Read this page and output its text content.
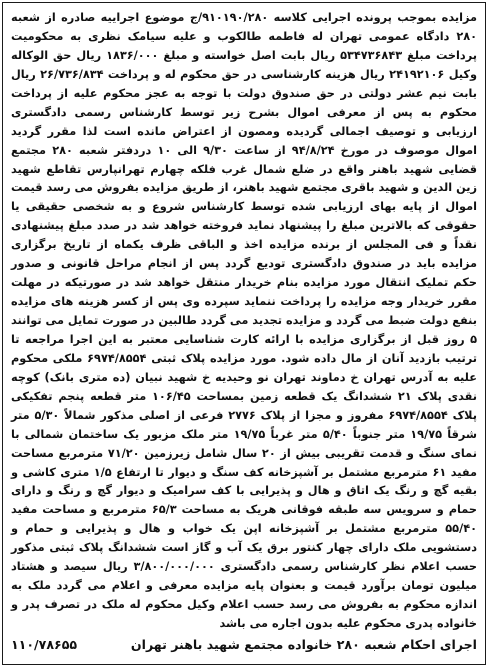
مزایده بموجب پرونده اجرایی کلاسه ۹۱۰۱۹۰/۲۸۰/ج موضوع اجراییه صادره از شعبه ۲۸۰ دادگاه عمومی تهران له فاطمه طالکوب و علیه سیامک نظری به محکومیت پرداخت مبلغ ۵۳۴۷۳۶۸۴۳ ریال بابت اصل خواسته و مبلغ ۱۸۳۶/۰۰۰ ریال حق الوکاله وکیل ۲۴۱۹۲۱۰۶ ریال هزینه کارشناسی در حق محکوم له و پرداخت ۲۶/۷۳۶/۸۳۴ ریال بابت نیم عشر دولتی در حق صندوق دولت با توجه به عجز محکوم علیه از پرداخت محکوم به پس از معرفی اموال بشرح زیر توسط کارشناس رسمی دادگستری ارزیابی و توصیف اجمالی گردیده ومصون از اعتراض مانده است لذا مقرر گردید اموال موصوف در مورخ ۹۴/۸/۲۴ از ساعت ۹/۳۰ الی ۱۰ دردفتر شعبه ۲۸۰ مجتمع قضایی شهید باهنر واقع در ضلع شمال غرب فلکه چهارم تهرانپارس تقاطع شهید زین الدین و شهید باقری مجتمع شهید باهنر، از طریق مزایده بفروش می رسد قیمت اموال از پایه بهای ارزیابی شده توسط کارشناس شروع و به شخصی حقیقی یا حقوقی که بالاترین مبلغ را پیشنهاد نماید فروخته خواهد شد در صدد مبلغ پیشنهادی نقداً و فی المجلس از برنده مزایده اخذ و الباقی ظرف یکماه از تاریخ برگزاری مزایده باید در صندوق دادگستری تودیع گردد پس از انجام مراحل قانونی و صدور حکم تملیک انتقال مورد مزایده بنام خریدار منتقل خواهد شد در صورتیکه در مهلت مقرر خریدار وجه مزایده را پرداخت ننماید سپرده وی پس از کسر هزینه های مزایده بنفع دولت ضبط می گردد و مزایده تجدید می گردد طالبین در صورت تمایل می توانند ۵ روز قبل از برگزاری مزایده با ارائه کارت شناسایی معتبر به این اجرا مراجعه تا ترتیب بازدید آنان از مال داده شود. مورد مزایده پلاک ثبتی ۶۹۷۴/۸۵۵۴ ملکی محکوم علیه به آدرس تهران خ دماوند تهران نو وحیدیه خ شهید نبیان (ده متری بانک) کوچه نقدی پلاک ۲۱ ششدانگ یک قطعه زمین بمساحت ۱۰۶/۴۵ متر قطعه پنجم تفکیکی پلاک ۶۹۷۴/۸۵۵۴ مفروز و مجزا از پلاک ۲۷۷۶ فرعی از اصلی مذکور شمالاً ۵/۳۰ متر شرقاً ۱۹/۷۵ متر جنوباً ۵/۴۰ متر غرباً ۱۹/۷۵ متر ملک مزبور یک ساختمان شمالی با نمای سنگ و قدمت تقریبی بیش از ۲۰ سال شامل زیرزمین ۷۱/۲۰ مترمربع مساحت مفید ۶۱ مترمربع مشتمل بر آشپزخانه کف سنگ و دیوار تا ارتفاع ۱/۵ متری کاشی و بقیه گچ و رنگ یک اتاق و هال و پذیرایی با کف سرامیک و دیوار گچ و رنگ و دارای حمام و سرویس سه طبقه فوقانی هریک به مساحت ۶۵/۳ مترمربع و مساحت مفید ۵۵/۴۰ مترمربع مشتمل بر آشپزخانه اپن یک خواب و هال و پذیرایی و حمام و دستشویی ملک دارای چهار کنتور برق یک آب و گاز است ششدانگ پلاک ثبتی مذکور حسب اعلام نظر کارشناس رسمی دادگستری ۳/۸۰۰/۰۰۰/۰۰۰ ریال سیصد و هشتاد میلیون تومان برآورد قیمت و بعنوان پایه مزایده معرفی و اعلام می گردد ملک به اندازه محکوم به بفروش می رسد حسب اعلام وکیل محکوم له ملک در تصرف پدر و خانواده پدری محکوم علیه بدون اجاره می باشد
اجرای احکام شعبه ۲۸۰ خانواده مجتمع شهید باهنر تهران
۱۱۰/۷۸۶۵۵
